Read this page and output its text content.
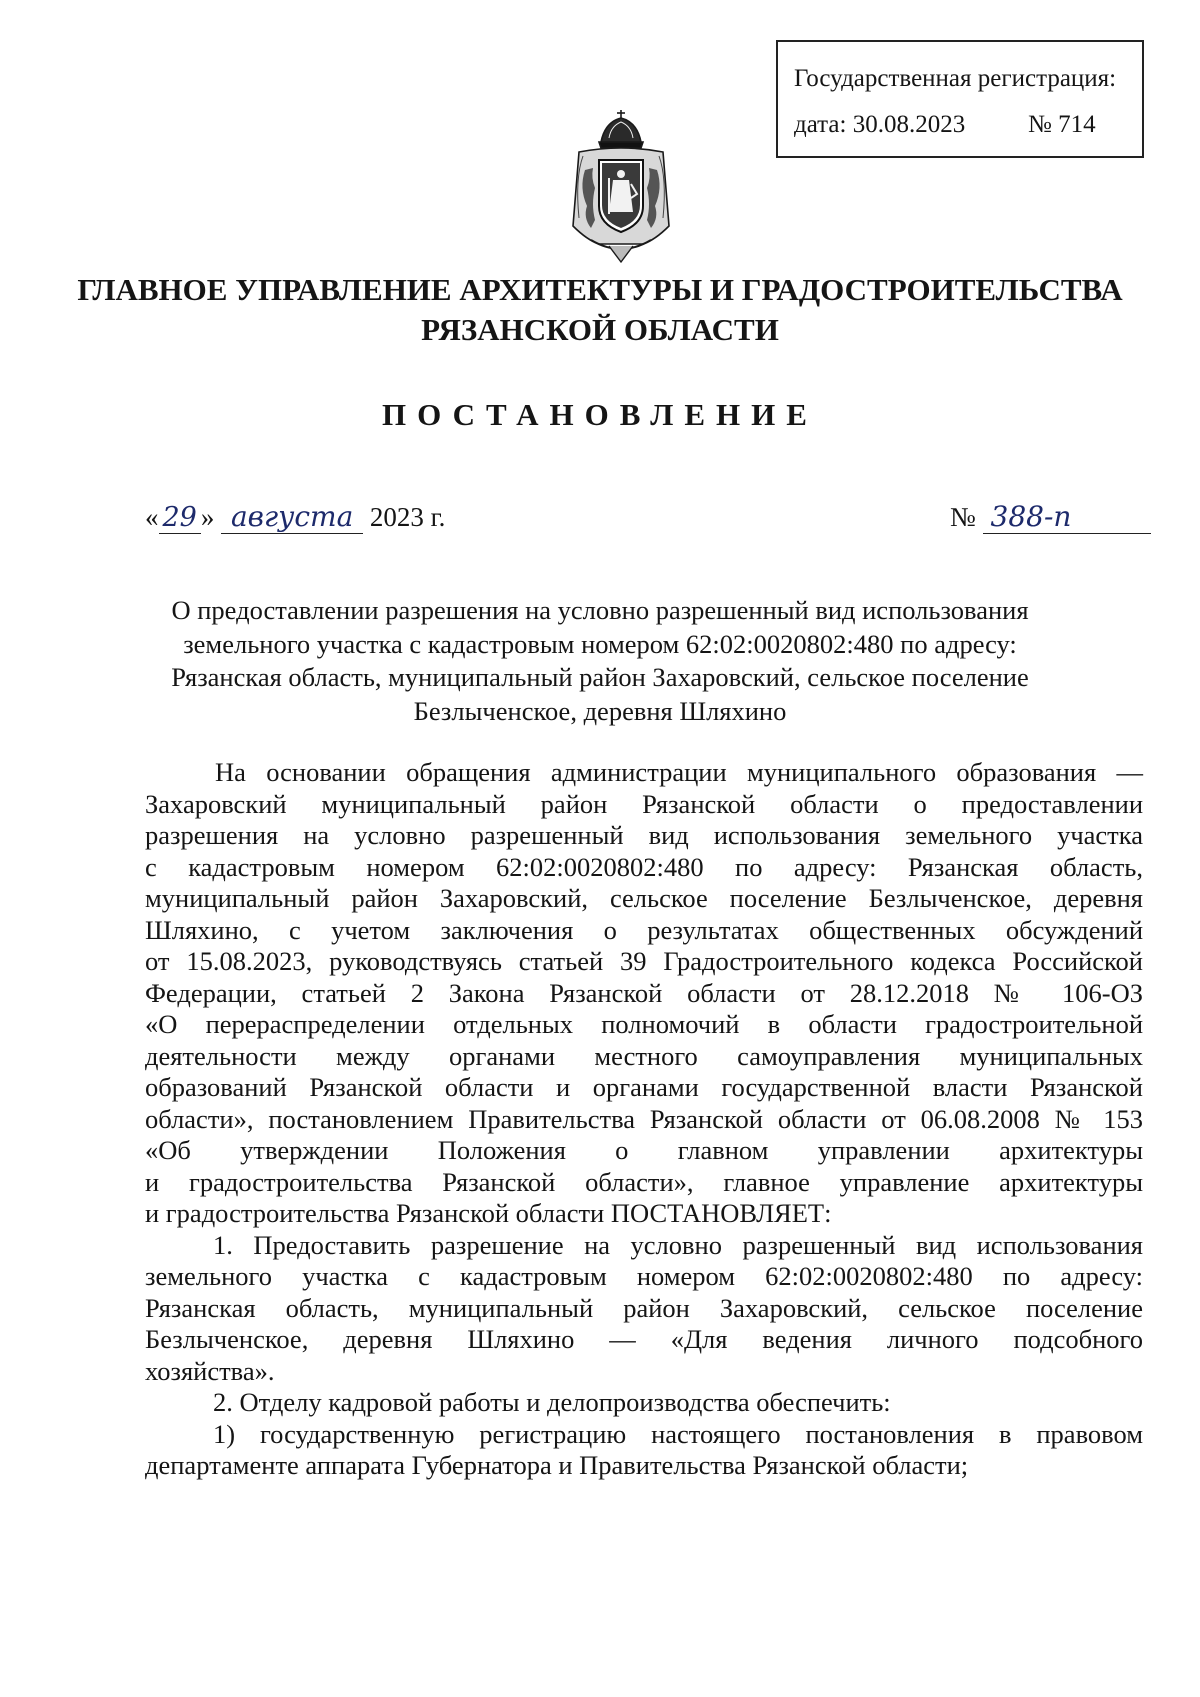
Государственная регистрация:
дата: 30.08.2023	№ 714
ГЛАВНОЕ УПРАВЛЕНИЕ АРХИТЕКТУРЫ И ГРАДОСТРОИТЕЛЬСТВА
РЯЗАНСКОЙ ОБЛАСТИ
ПОСТАНОВЛЕНИЕ
« 29 » августа 2023 г.	№ 388-п
О предоставлении разрешения на условно разрешенный вид использования
земельного участка с кадастровым номером 62:02:0020802:480 по адресу:
Рязанская область, муниципальный район Захаровский, сельское поселение
Безлыченское, деревня Шляхино
На основании обращения администрации муниципального образования —
Захаровский муниципальный район Рязанской области о предоставлении
разрешения на условно разрешенный вид использования земельного участка
с кадастровым номером 62:02:0020802:480 по адресу: Рязанская область,
муниципальный район Захаровский, сельское поселение Безлыченское, деревня
Шляхино, с учетом заключения о результатах общественных обсуждений
от 15.08.2023, руководствуясь статьей 39 Градостроительного кодекса Российской
Федерации, статьей 2 Закона Рязанской области от 28.12.2018 № 106-ОЗ
«О перераспределении отдельных полномочий в области градостроительной
деятельности между органами местного самоуправления муниципальных
образований Рязанской области и органами государственной власти Рязанской
области», постановлением Правительства Рязанской области от 06.08.2008 № 153
«Об утверждении Положения о главном управлении архитектуры
и градостроительства Рязанской области», главное управление архитектуры
и градостроительства Рязанской области ПОСТАНОВЛЯЕТ:
1. Предоставить разрешение на условно разрешенный вид использования
земельного участка с кадастровым номером 62:02:0020802:480 по адресу:
Рязанская область, муниципальный район Захаровский, сельское поселение
Безлыченское, деревня Шляхино — «Для ведения личного подсобного
хозяйства».
2. Отделу кадровой работы и делопроизводства обеспечить:
1) государственную регистрацию настоящего постановления в правовом
департаменте аппарата Губернатора и Правительства Рязанской области;
